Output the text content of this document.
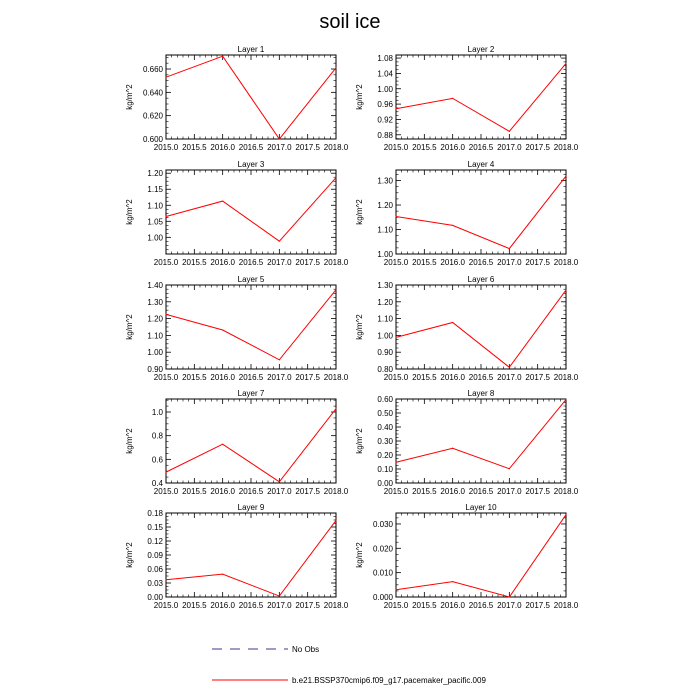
soil ice
Layer 1
kg/m^2
2015.0 2015.5 2016.0 2016.5 2017.0 2017.5 2018.0
0.600
0.620
0.640
0.660
Layer 2
kg/m^2
2015.0 2015.5 2016.0 2016.5 2017.0 2017.5 2018.0
0.88
0.92
0.96
1.00
1.04
1.08
Layer 3
kg/m^2
2015.0 2015.5 2016.0 2016.5 2017.0 2017.5 2018.0
1.00
1.05
1.10
1.15
1.20
Layer 4
kg/m^2
2015.0 2015.5 2016.0 2016.5 2017.0 2017.5 2018.0
1.00
1.10
1.20
1.30
Layer 5
kg/m^2
2015.0 2015.5 2016.0 2016.5 2017.0 2017.5 2018.0
0.90
1.00
1.10
1.20
1.30
1.40
Layer 6
kg/m^2
2015.0 2015.5 2016.0 2016.5 2017.0 2017.5 2018.0
0.80
0.90
1.00
1.10
1.20
1.30
Layer 7
kg/m^2
2015.0 2015.5 2016.0 2016.5 2017.0 2017.5 2018.0
0.4
0.6
0.8
1.0
Layer 8
kg/m^2
2015.0 2015.5 2016.0 2016.5 2017.0 2017.5 2018.0
0.00
0.10
0.20
0.30
0.40
0.50
0.60
Layer 9
kg/m^2
2015.0 2015.5 2016.0 2016.5 2017.0 2017.5 2018.0
0.00
0.03
0.06
0.09
0.12
0.15
0.18
Layer 10
kg/m^2
2015.0 2015.5 2016.0 2016.5 2017.0 2017.5 2018.0
0.000
0.010
0.020
0.030
No Obs
b.e21.BSSP370cmip6.f09_g17.pacemaker_pacific.009
